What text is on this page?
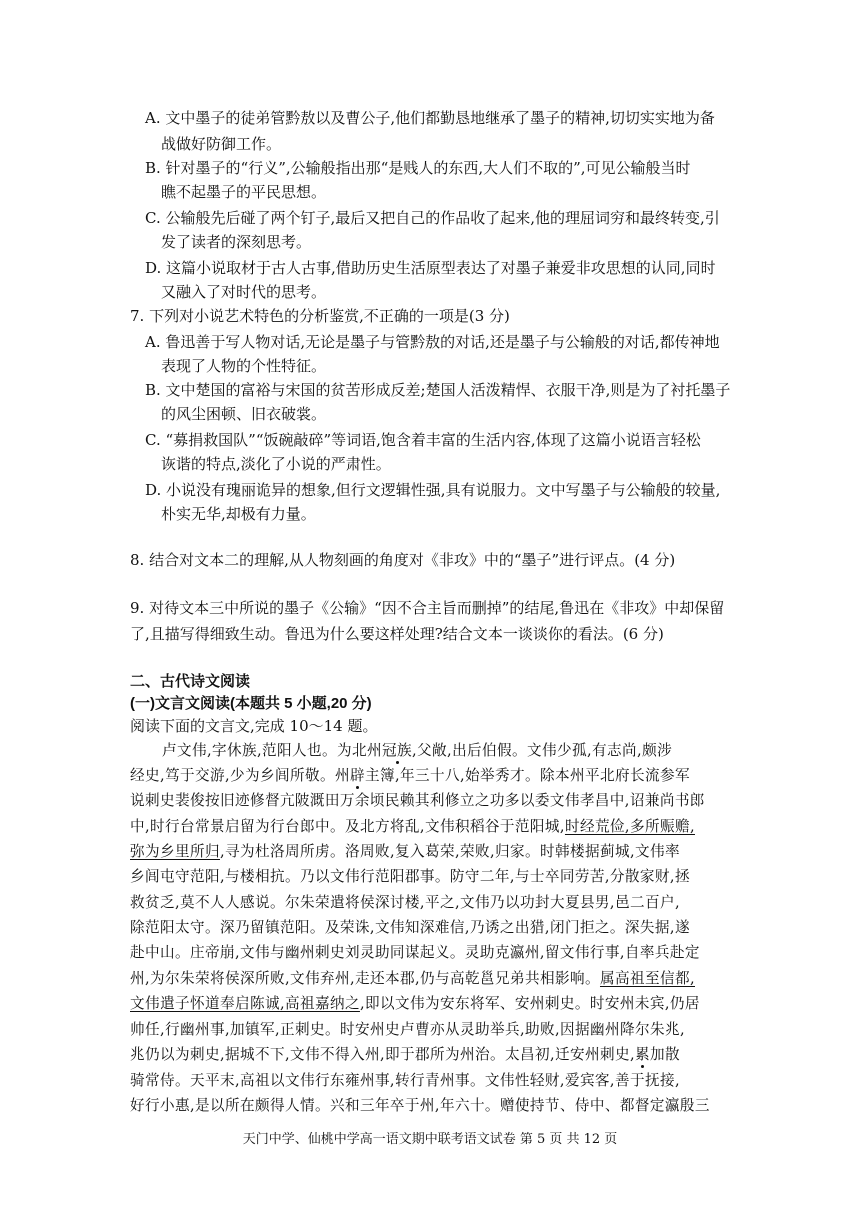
A. 文中墨子的徒弟管黔敖以及曹公子,他们都勤恳地继承了墨子的精神,切切实实地为备
战做好防御工作。
B. 针对墨子的“行义”,公输般指出那“是贱人的东西,大人们不取的”,可见公输般当时
瞧不起墨子的平民思想。
C. 公输般先后碰了两个钉子,最后又把自己的作品收了起来,他的理屈词穷和最终转变,引
发了读者的深刻思考。
D. 这篇小说取材于古人古事,借助历史生活原型表达了对墨子兼爱非攻思想的认同,同时
又融入了对时代的思考。
7. 下列对小说艺术特色的分析鉴赏,不正确的一项是(3 分)
A. 鲁迅善于写人物对话,无论是墨子与管黔敖的对话,还是墨子与公输般的对话,都传神地
表现了人物的个性特征。
B. 文中楚国的富裕与宋国的贫苦形成反差;楚国人活泼精悍、衣服干净,则是为了衬托墨子
的风尘困顿、旧衣破裳。
C. “募捐救国队”“饭碗敲碎”等词语,饱含着丰富的生活内容,体现了这篇小说语言轻松
诙谐的特点,淡化了小说的严肃性。
D. 小说没有瑰丽诡异的想象,但行文逻辑性强,具有说服力。文中写墨子与公输般的较量,
朴实无华,却极有力量。
8. 结合对文本二的理解,从人物刻画的角度对《非攻》中的“墨子”进行评点。(4 分)
9. 对待文本三中所说的墨子《公输》“因不合主旨而删掉”的结尾,鲁迅在《非攻》中却保留
了,且描写得细致生动。鲁迅为什么要这样处理?结合文本一谈谈你的看法。(6 分)
二、古代诗文阅读
(一)文言文阅读(本题共 5 小题,20 分)
阅读下面的文言文,完成 10～14 题。
卢文伟,字休族,范阳人也。为北州冠族,父敞,出后伯假。文伟少孤,有志尚,颇涉
经史,笃于交游,少为乡闾所敬。州辟主簿,年三十八,始举秀才。除本州平北府长流参军
说刺史裴俊按旧迹修督亢陂溉田万余顷民赖其利修立之功多以委文伟孝昌中,诏兼尚书郎
中,时行台常景启留为行台郎中。及北方将乱,文伟积稻谷于范阳城,时经荒俭,多所赈赡,
弥为乡里所归,寻为杜洛周所虏。洛周败,复入葛荣,荣败,归家。时韩楼据蓟城,文伟率
乡闾屯守范阳,与楼相抗。乃以文伟行范阳郡事。防守二年,与士卒同劳苦,分散家财,拯
救贫乏,莫不人人感说。尔朱荣遣将侯深讨楼,平之,文伟乃以功封大夏县男,邑二百户,
除范阳太守。深乃留镇范阳。及荣诛,文伟知深难信,乃诱之出猎,闭门拒之。深失据,遂
赴中山。庄帝崩,文伟与幽州刺史刘灵助同谋起义。灵助克瀛州,留文伟行事,自率兵赴定
州,为尔朱荣将侯深所败,文伟弃州,走还本郡,仍与高乾邕兄弟共相影响。属高祖至信都,
文伟遣子怀道奉启陈诚,高祖嘉纳之,即以文伟为安东将军、安州刺史。时安州未宾,仍居
帅任,行幽州事,加镇军,正刺史。时安州史卢曹亦从灵助举兵,助败,因据幽州降尔朱兆,
兆仍以为刺史,据城不下,文伟不得入州,即于郡所为州治。太昌初,迁安州刺史,累加散
骑常侍。天平末,高祖以文伟行东雍州事,转行青州事。文伟性轻财,爱宾客,善于抚接,
好行小惠,是以所在颇得人情。兴和三年卒于州,年六十。赠使持节、侍中、都督定瀛殷三
天门中学、仙桃中学高一语文期中联考语文试卷 第 5 页 共 12 页
